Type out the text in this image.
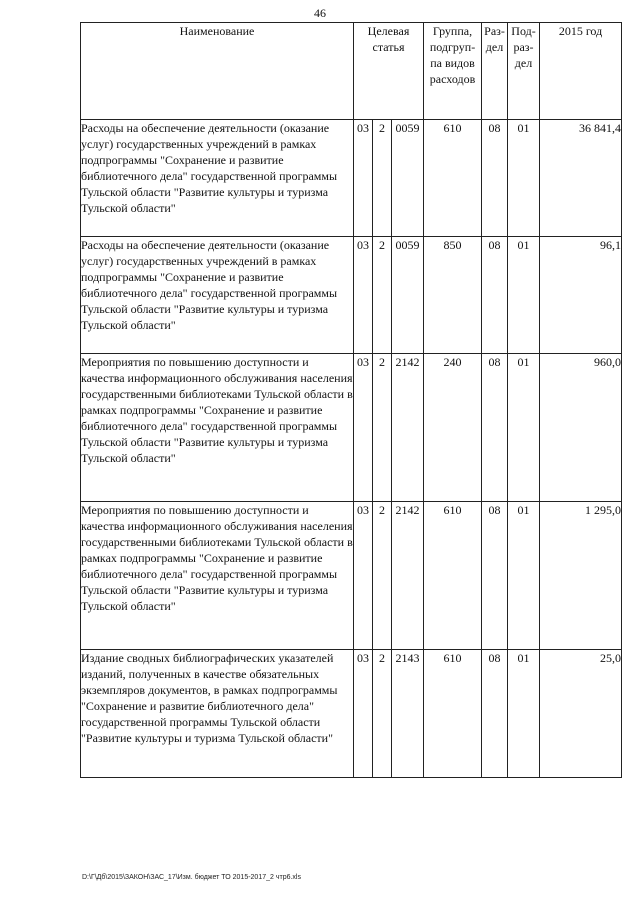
46
Наименование	Целевая статья			Группа, подгруп-па видов расходов	Раз-дел	Под-раз-дел	2015 год
Расходы на обеспечение деятельности (оказание услуг) государственных учреждений в рамках подпрограммы "Сохранение и развитие библиотечного дела" государственной программы Тульской области "Развитие культуры и туризма Тульской области"	03	2	0059	610	08	01	36 841,4
Расходы на обеспечение деятельности (оказание услуг) государственных учреждений в рамках подпрограммы "Сохранение и развитие библиотечного дела" государственной программы Тульской области "Развитие культуры и туризма Тульской области"	03	2	0059	850	08	01	96,1
Мероприятия по повышению доступности и качества информационного обслуживания населения государственными библиотеками Тульской области в рамках подпрограммы "Сохранение и развитие библиотечного дела" государственной программы Тульской области "Развитие культуры и туризма Тульской области"	03	2	2142	240	08	01	960,0
Мероприятия по повышению доступности и качества информационного обслуживания населения государственными библиотеками Тульской области в рамках подпрограммы "Сохранение и развитие библиотечного дела" государственной программы Тульской области "Развитие культуры и туризма Тульской области"	03	2	2142	610	08	01	1 295,0
Издание сводных библиографических указателей изданий, полученных в качестве обязательных экземпляров документов, в рамках подпрограммы "Сохранение и развитие библиотечного дела" государственной программы Тульской области "Развитие культуры и туризма Тульской области"	03	2	2143	610	08	01	25,0
D:\Г\Дб\2015\ЗАКОН\ЗАС_17\Изм. бюджет ТО 2015-2017_2 чтр6.xls
